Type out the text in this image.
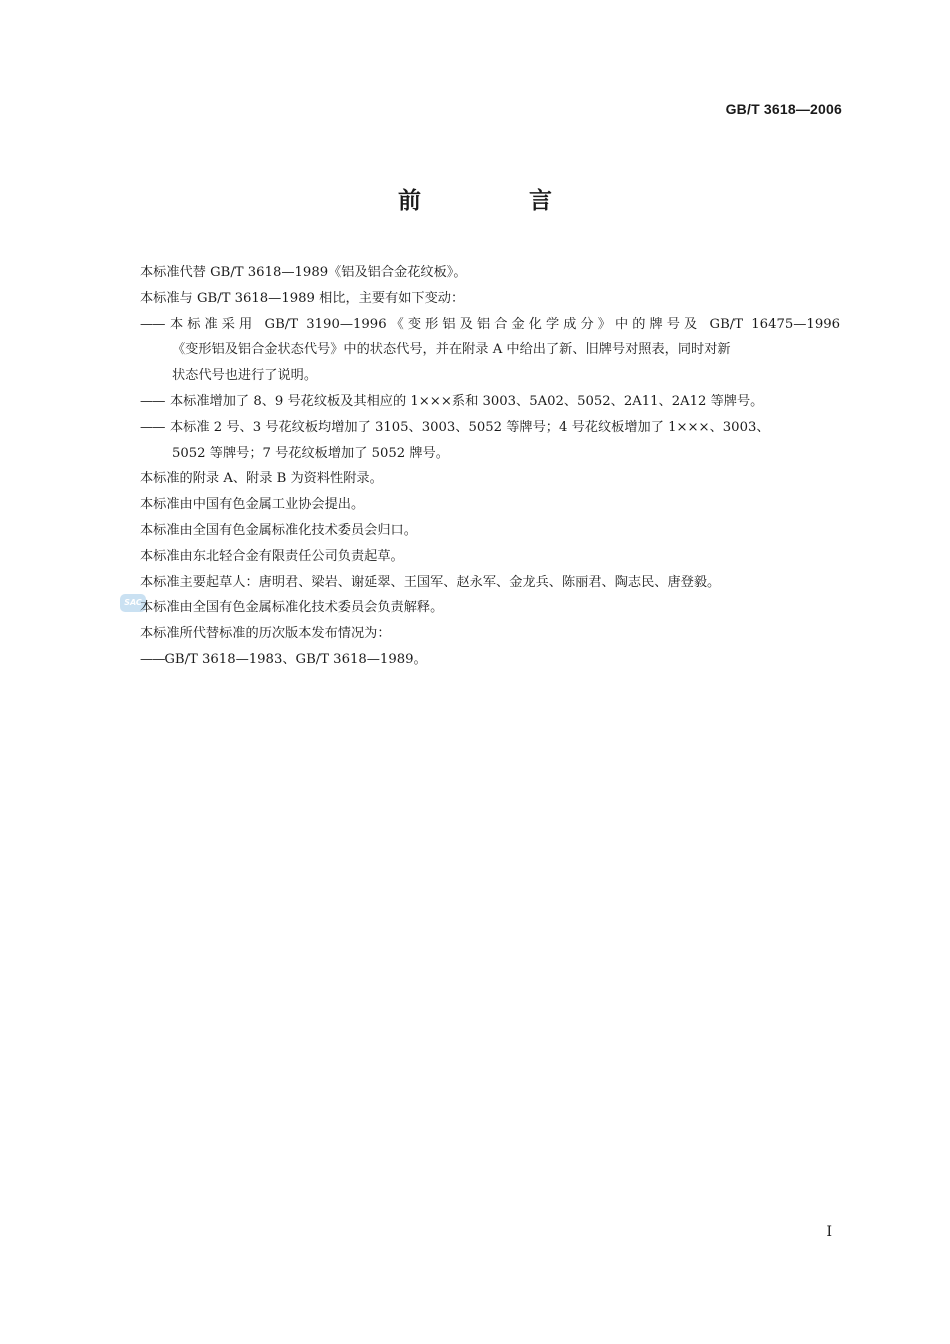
GB/T 3618—2006
前 言
SAC

本标准代替 GB/T 3618—1989《铝及铝合金花纹板》。

本标准与 GB/T 3618—1989 相比，主要有如下变动：

—— 本标准采用 GB/T 3190—1996《变形铝及铝合金化学成分》中的牌号及 GB/T 16475—1996
《变形铝及铝合金状态代号》中的状态代号，并在附录 A 中给出了新、旧牌号对照表，同时对新
状态代号也进行了说明。
—— 本标准增加了 8、9 号花纹板及其相应的 1×××系和 3003、5A02、5052、2A11、2A12 等牌号。
—— 本标准 2 号、3 号花纹板均增加了 3105、3003、5052 等牌号；4 号花纹板增加了 1×××、3003、
5052 等牌号；7 号花纹板增加了 5052 牌号。

本标准的附录 A、附录 B 为资料性附录。

本标准由中国有色金属工业协会提出。

本标准由全国有色金属标准化技术委员会归口。

本标准由东北轻合金有限责任公司负责起草。

本标准主要起草人：唐明君、梁岩、谢延翠、王国军、赵永军、金龙兵、陈丽君、陶志民、唐登毅。

本标准由全国有色金属标准化技术委员会负责解释。

本标准所代替标准的历次版本发布情况为：

——GB/T 3618—1983、GB/T 3618—1989。

I
